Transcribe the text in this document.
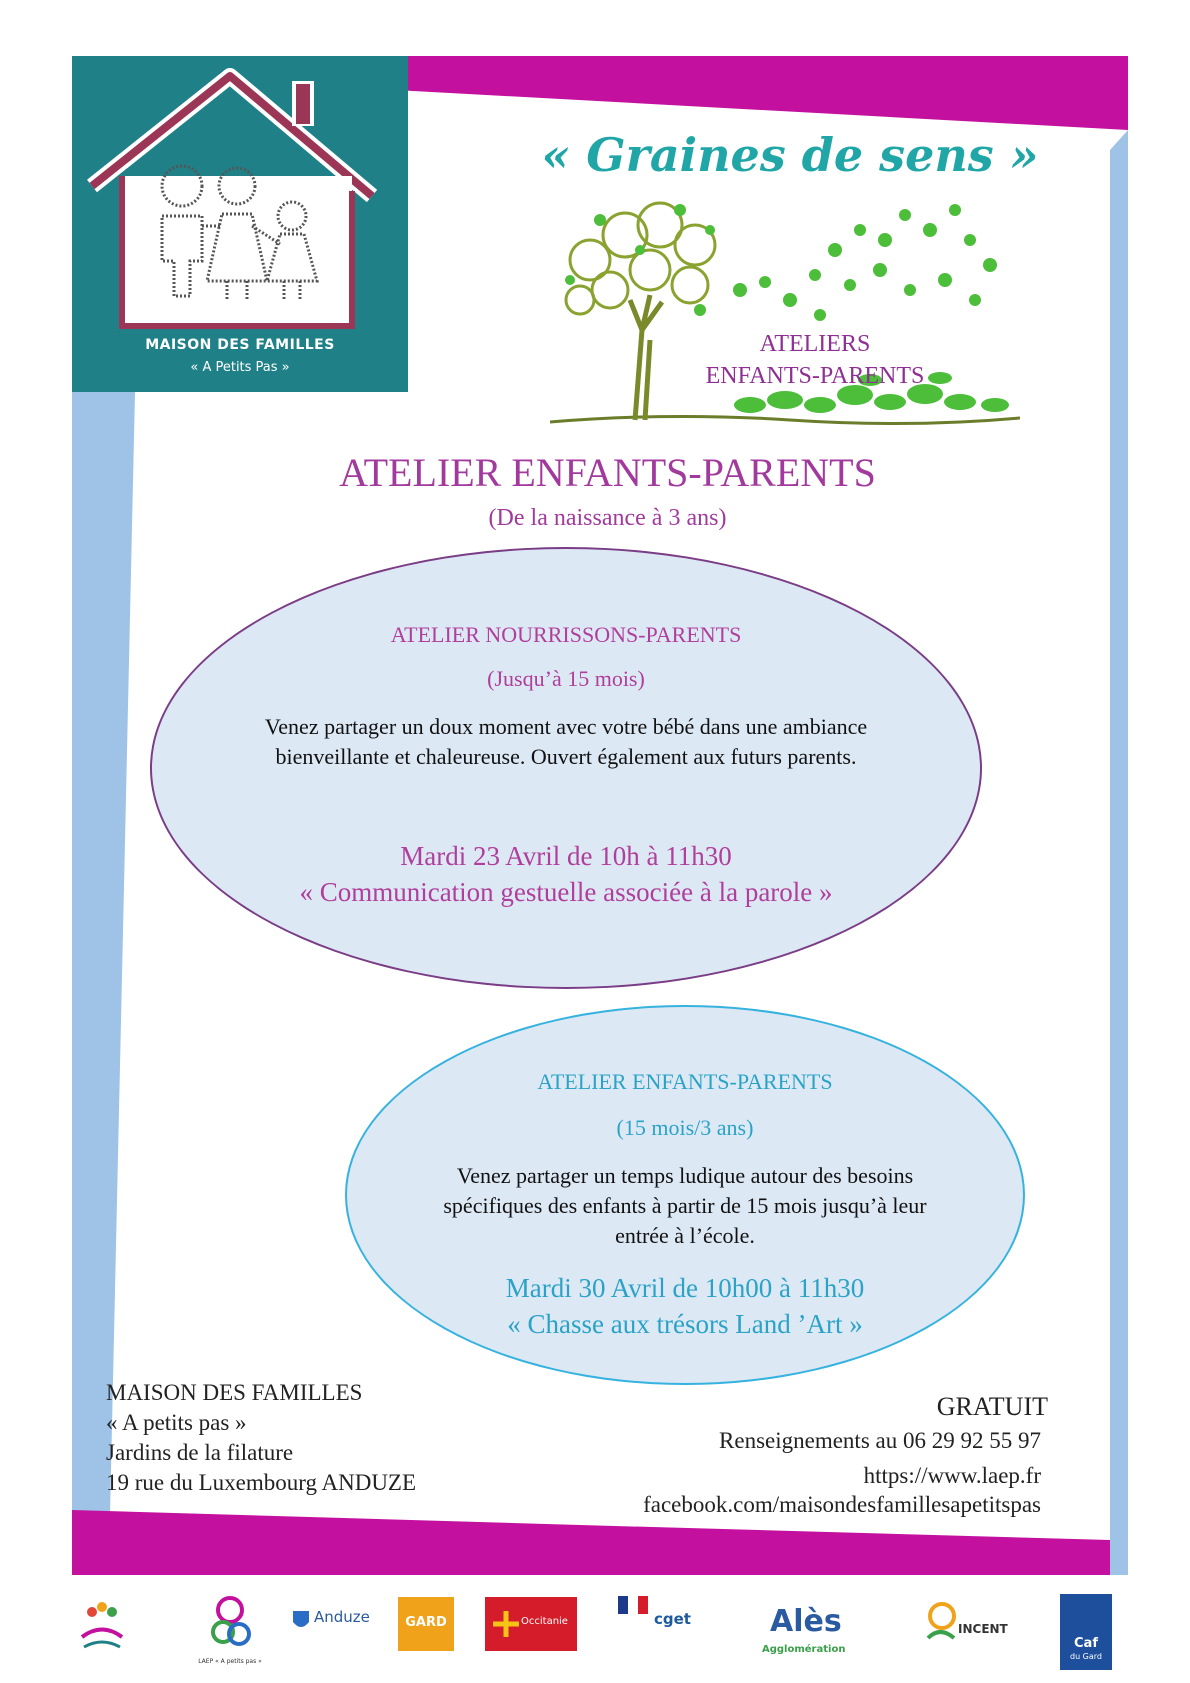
MAISON DES FAMILLES
« A Petits Pas »
« Graines de sens »
ATELIERS
ENFANTS-PARENTS
ATELIER ENFANTS-PARENTS
(De la naissance à 3 ans)
ATELIER NOURRISSONS-PARENTS
(Jusqu’à 15 mois)
Venez partager un doux moment avec votre bébé dans une ambiance bienveillante et chaleureuse. Ouvert également aux futurs parents.
Mardi 23 Avril de 10h à 11h30
« Communication gestuelle associée à la parole »
ATELIER ENFANTS-PARENTS
(15 mois/3 ans)
Venez partager un temps ludique autour des besoins spécifiques des enfants à partir de 15 mois jusqu’à leur entrée à l’école.
Mardi 30 Avril de 10h00 à 11h30
« Chasse aux trésors Land ’Art »
MAISON DES FAMILLES
« A petits pas »
Jardins de la filature
19 rue du Luxembourg ANDUZE
GRATUIT
Renseignements au 06 29 92 55 97
https://www.laep.fr
facebook.com/maisondesfamillesapetitspas
LAEP « A petits pas »
Anduze	GARD	Occitanie	cget	Alès
Agglomération
INCENT
Caf
du Gard
